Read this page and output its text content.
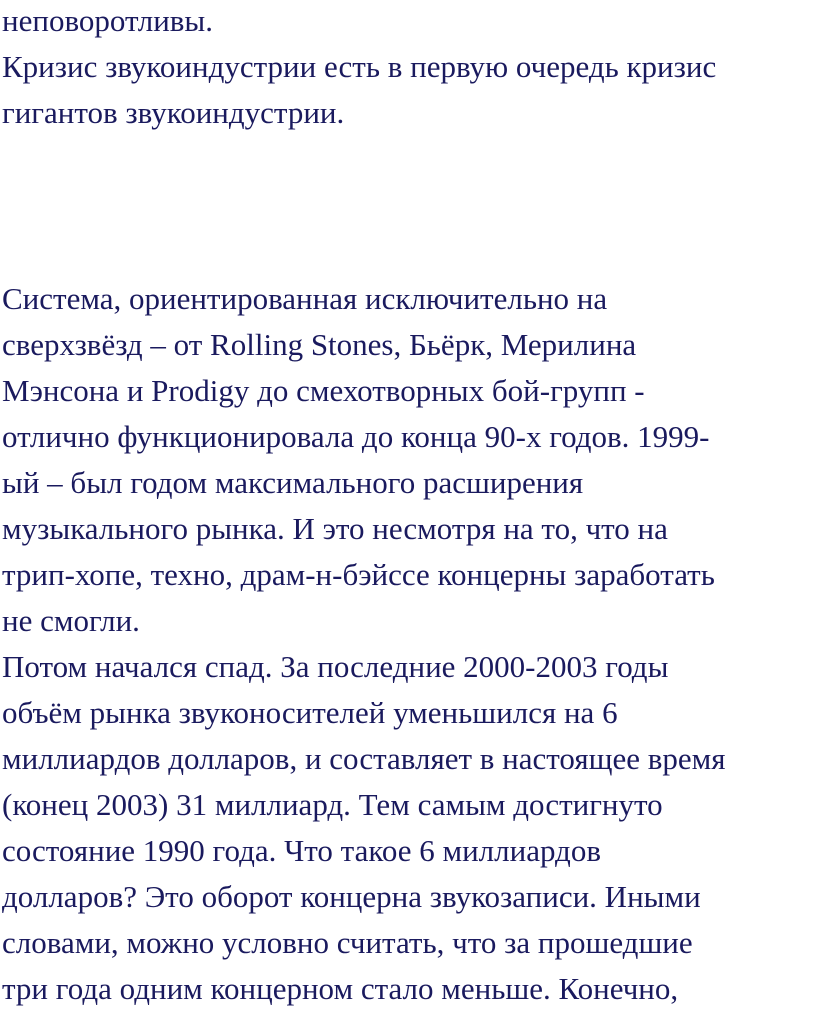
неповоротливы.
Кризис звукоиндустрии есть в первую очередь кризис
гигантов звукоиндустрии.
Система, ориентированная исключительно на
сверхзвёзд – от Rolling Stones, Бьёрк, Мерилина
Мэнсона и Prodigy до смехотворных бой-групп -
отлично функционировала до конца 90-х годов. 1999-
ый – был годом максимального расширения
музыкального рынка. И это несмотря на то, что на
трип-хопе, техно, драм-н-бэйссе концерны заработать
не смогли.
Потом начался спад. За последние 2000-2003 годы
объём рынка звуконосителей уменьшился на 6
миллиардов долларов, и составляет в настоящее время
(конец 2003) 31 миллиард. Тем самым достигнуто
состояние 1990 года. Что такое 6 миллиардов
долларов? Это оборот концерна звукозаписи. Иными
словами, можно условно считать, что за прошедшие
три года одним концерном стало меньше. Конечно,
